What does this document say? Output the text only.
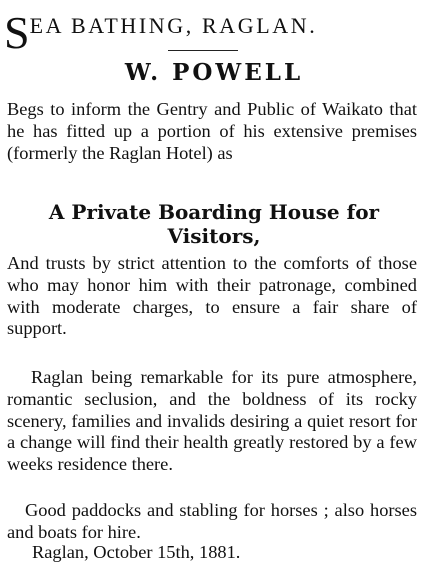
SEA BATHING, RAGLAN.
W. POWELL
Begs to inform the Gentry and Public of Waikato that he has fitted up a portion of his extensive premises (formerly the Raglan Hotel) as
A Private Boarding House for
Visitors,
And trusts by strict attention to the comforts of those who may honor him with their patronage, combined with moderate charges, to ensure a fair share of support.
Raglan being remarkable for its pure atmosphere, romantic seclusion, and the boldness of its rocky scenery, families and invalids desiring a quiet resort for a change will find their health greatly restored by a few weeks residence there.
Good paddocks and stabling for horses ; also horses and boats for hire.
Raglan, October 15th, 1881.
